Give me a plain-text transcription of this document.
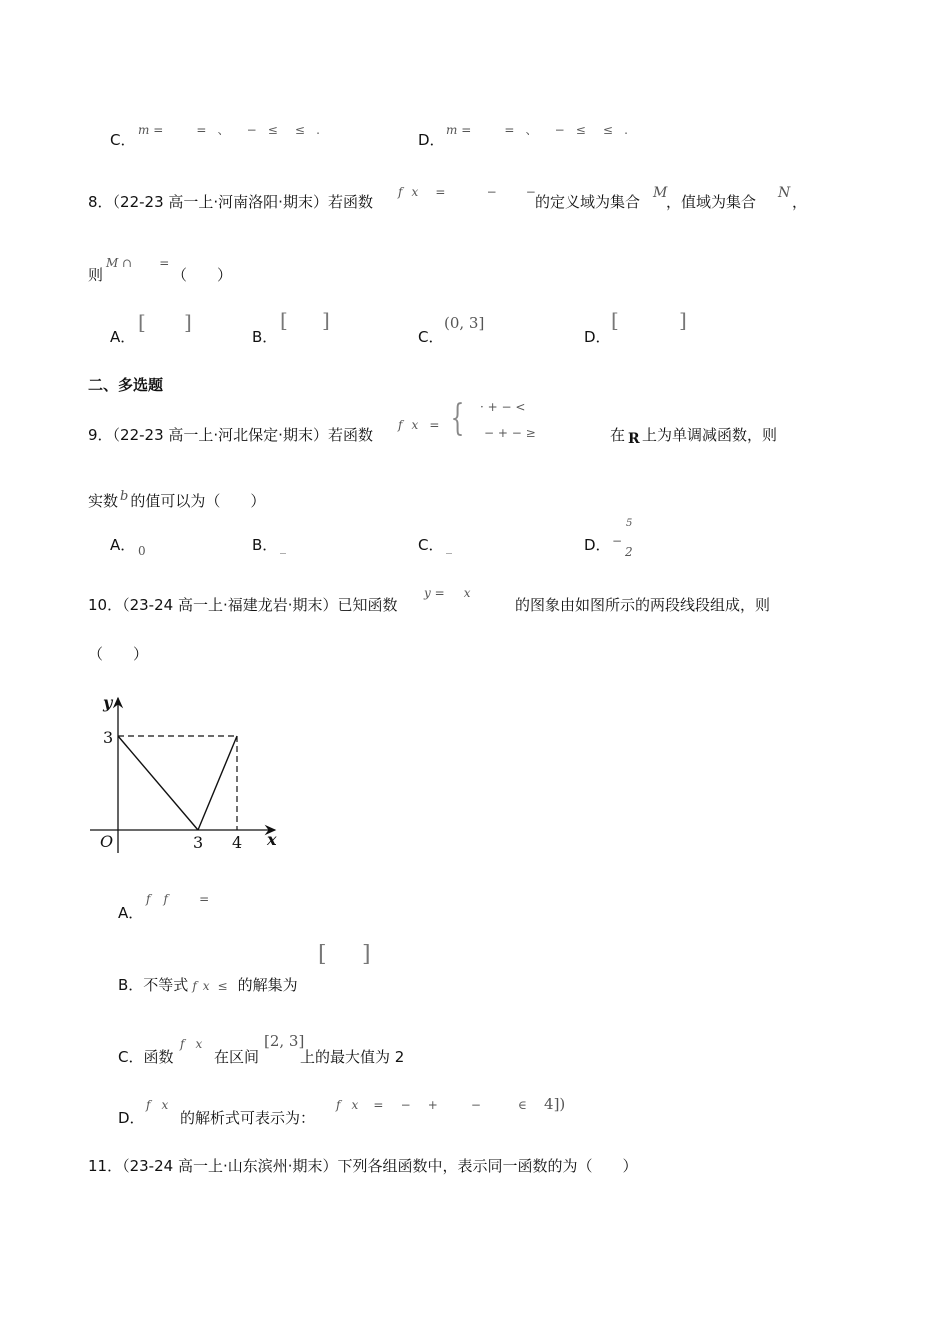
C．
m =	= 、 − ≤ ≤ .
D．
m =	= 、 − ≤ ≤ .
8．（22-23 高一上·河南洛阳·期末）若函数
f x =	− −
的定义域为集合 M
，值域为集合 N ，
M ∩ =
则	（　　）
A．
[ ]
B．
[ ]
C．
(0, 3]
D．
[	]
二、多选题
9．（22-23 高一上·河北保定·期末）若函数
f x = { · + − <
− + − ≥	在 R 上为单调减函数，则
实数 b 的值可以为（　　）
A． 0	B． _	C． _	D． −
5
2
10．（23-24 高一上·福建龙岩·期末）已知函数
y = x
的图象由如图所示的两段线段组成，则
（　　）
y
3
O	3 4 x
A．
f f	=
B．不等式 f x ≤ 的解集为
[ ]
C．函数
f x
在区间
[2, 3]
上的最大值为 2
D．
f x
的解析式可表示为：
f x = − +	−	∈ 4])
11．（23-24 高一上·山东滨州·期末）下列各组函数中，表示同一函数的为（　　）
